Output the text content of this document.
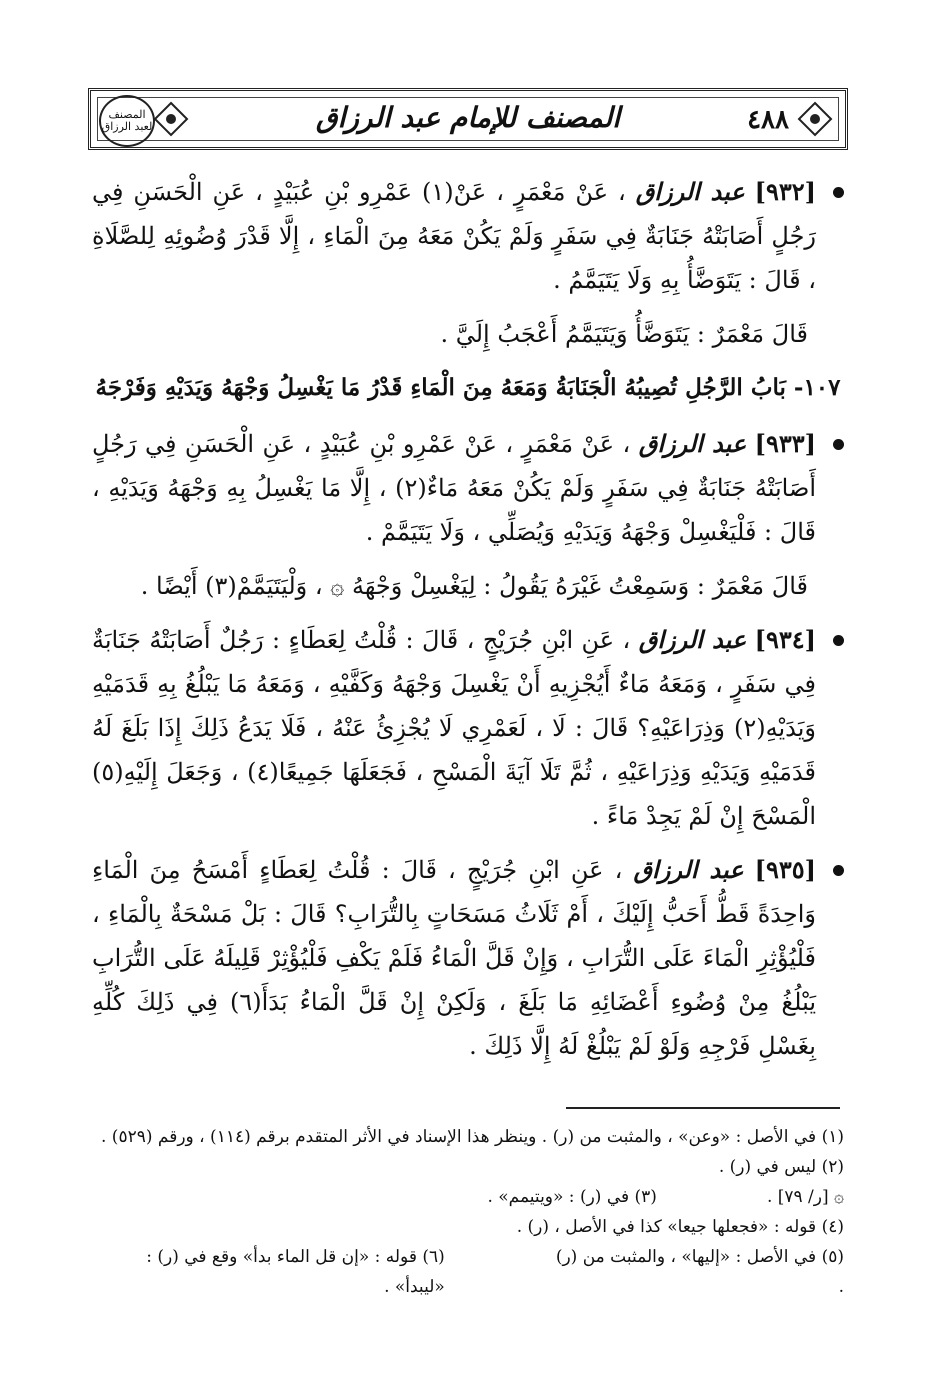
المصنف لعبد الرزاق	المصنف للإمام عبد الرزاق	٤٨٨

[٩٣٢] عبد الرزاق ، عَنْ مَعْمَرٍ ، عَنْ(١) عَمْرِو بْنِ عُبَيْدٍ ، عَنِ الْحَسَنِ فِي رَجُلٍ أَصَابَتْهُ جَنَابَةٌ فِي سَفَرٍ وَلَمْ يَكُنْ مَعَهُ مِنَ الْمَاءِ ، إِلَّا قَدْرَ وُضُوئِهِ لِلصَّلَاةِ ، قَالَ : يَتَوَضَّأُ بِهِ وَلَا يَتَيَمَّمُ .

قَالَ مَعْمَرٌ : يَتَوَضَّأُ وَيَتَيَمَّمُ أَعْجَبُ إِلَيَّ .

١٠٧- بَابُ الرَّجُلِ تُصِيبُهُ الْجَنَابَةُ وَمَعَهُ مِنَ الْمَاءِ قَدْرُ مَا يَغْسِلُ وَجْهَهُ وَيَدَيْهِ وَفَرْجَهُ

[٩٣٣] عبد الرزاق ، عَنْ مَعْمَرٍ ، عَنْ عَمْرِو بْنِ عُبَيْدٍ ، عَنِ الْحَسَنِ فِي رَجُلٍ أَصَابَتْهُ جَنَابَةٌ فِي سَفَرٍ وَلَمْ يَكُنْ مَعَهُ مَاءٌ(٢) ، إِلَّا مَا يَغْسِلُ بِهِ وَجْهَهُ وَيَدَيْهِ ، قَالَ : فَلْيَغْسِلْ وَجْهَهُ وَيَدَيْهِ وَيُصَلِّي ، وَلَا يَتَيَمَّمْ .

قَالَ مَعْمَرٌ : وَسَمِعْتُ غَيْرَهُ يَقُولُ : لِيَغْسِلْ وَجْهَهُ ۞ ، وَلْيَتَيَمَّمْ(٣) أَيْضًا .

[٩٣٤] عبد الرزاق ، عَنِ ابْنِ جُرَيْجٍ ، قَالَ : قُلْتُ لِعَطَاءٍ : رَجُلٌ أَصَابَتْهُ جَنَابَةٌ فِي سَفَرٍ ، وَمَعَهُ مَاءٌ أَيُجْزِيهِ أَنْ يَغْسِلَ وَجْهَهُ وَكَفَّيْهِ ، وَمَعَهُ مَا يَبْلُغُ بِهِ قَدَمَيْهِ وَيَدَيْهِ(٢) وَذِرَاعَيْهِ؟ قَالَ : لَا ، لَعَمْرِي لَا يُجْزِئُ عَنْهُ ، فَلَا يَدَعُ ذَلِكَ إِذَا بَلَغَ لَهُ قَدَمَيْهِ وَيَدَيْهِ وَذِرَاعَيْهِ ، ثُمَّ تَلَا آيَةَ الْمَسْحِ ، فَجَعَلَهَا جَمِيعًا(٤) ، وَجَعَلَ إِلَيْهِ(٥) الْمَسْحَ إِنْ لَمْ يَجِدْ مَاءً .

[٩٣٥] عبد الرزاق ، عَنِ ابْنِ جُرَيْجٍ ، قَالَ : قُلْتُ لِعَطَاءٍ أَمْسَحُ مِنَ الْمَاءِ وَاحِدَةً قَطُّ أَحَبُّ إِلَيْكَ ، أَمْ ثَلَاثُ مَسَحَاتٍ بِالتُّرَابِ؟ قَالَ : بَلْ مَسْحَةٌ بِالْمَاءِ ، فَلْيُؤْثِرِ الْمَاءَ عَلَى التُّرَابِ ، وَإِنْ قَلَّ الْمَاءُ فَلَمْ يَكْفِ فَلْيُؤْثِرْ قَلِيلَهُ عَلَى التُّرَابِ يَبْلُغُ مِنْ وُضُوءِ أَعْضَائِهِ مَا بَلَغَ ، وَلَكِنْ إِنْ قَلَّ الْمَاءُ بَدَأَ(٦) فِي ذَلِكَ كُلِّهِ بِغَسْلِ فَرْجِهِ وَلَوْ لَمْ يَبْلُغْ لَهُ إِلَّا ذَلِكَ .

(١) في الأصل : «وعن» ، والمثبت من (ر) . وينظر هذا الإسناد في الأثر المتقدم برقم (١١٤) ، ورقم (٥٢٩) .
(٢) ليس في (ر) .
۞ [ر/ ٧٩] .
(٣) في (ر) : «ويتيمم» .
(٤) قوله : «فجعلها جيعا» كذا في الأصل ، (ر) .
(٥) في الأصل : «إليها» ، والمثبت من (ر) .
(٦) قوله : «إن قل الماء بدأ» وقع في (ر) : «ليبدأ» .
